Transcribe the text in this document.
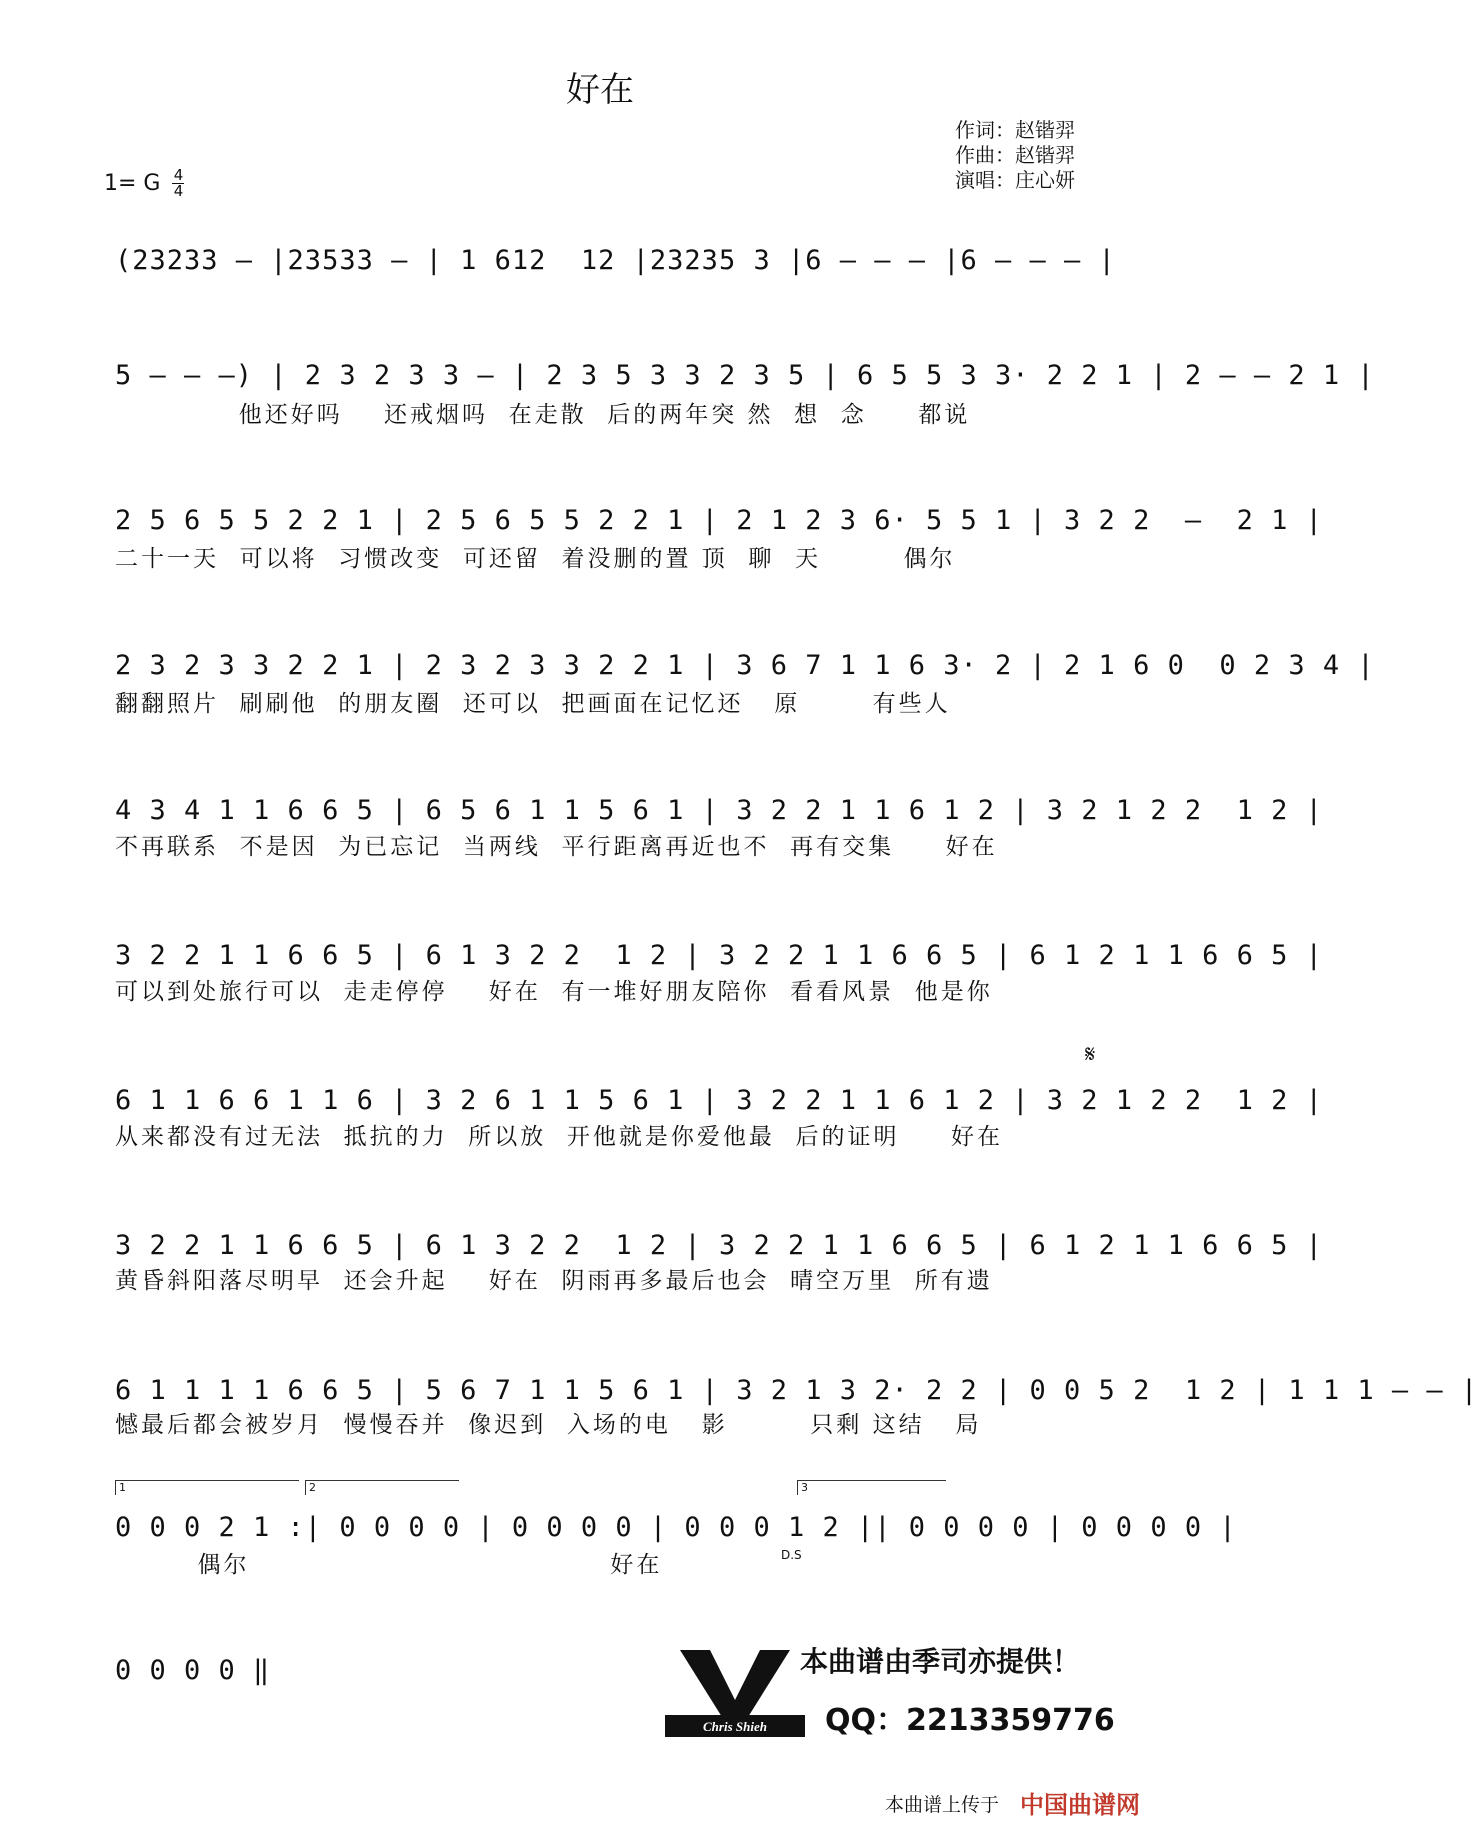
好在
作词：赵锴羿
作曲：赵锴羿
演唱：庄心妍
1= G 4
4
(23233 – |23533 – | 1 612  12 |23235 3 |6 – – – |6 – – – |
5 – – –) | 2 3 2 3 3 – | 2 3 5 3 3 2 3 5 | 6 5 5 3 3· 2 2 1 | 2 – – 2 1 |
他还好吗    还戒烟吗  在走散  后的两年突 然  想  念     都说
2 5 6 5 5 2 2 1 | 2 5 6 5 5 2 2 1 | 2 1 2 3 6· 5 5 1 | 3 2 2  –  2 1 |
二十一天  可以将  习惯改变  可还留  着没删的置 顶  聊  天        偶尔
2 3 2 3 3 2 2 1 | 2 3 2 3 3 2 2 1 | 3 6 7 1 1 6 3· 2 | 2 1 6 0  0 2 3 4 |
翻翻照片  刷刷他  的朋友圈  还可以  把画面在记忆还   原       有些人
4 3 4 1 1 6 6 5 | 6 5 6 1 1 5 6 1 | 3 2 2 1 1 6 1 2 | 3 2 1 2 2  1 2 |
不再联系  不是因  为已忘记  当两线  平行距离再近也不  再有交集     好在
3 2 2 1 1 6 6 5 | 6 1 3 2 2  1 2 | 3 2 2 1 1 6 6 5 | 6 1 2 1 1 6 6 5 |
可以到处旅行可以  走走停停    好在  有一堆好朋友陪你  看看风景  他是你
𝄋
6 1 1 6 6 1 1 6 | 3 2 6 1 1 5 6 1 | 3 2 2 1 1 6 1 2 | 3 2 1 2 2  1 2 |
从来都没有过无法  抵抗的力  所以放  开他就是你爱他最  后的证明     好在
3 2 2 1 1 6 6 5 | 6 1 3 2 2  1 2 | 3 2 2 1 1 6 6 5 | 6 1 2 1 1 6 6 5 |
黄昏斜阳落尽明早  还会升起    好在  阴雨再多最后也会  晴空万里  所有遗
6 1 1 1 1 6 6 5 | 5 6 7 1 1 5 6 1 | 3 2 1 3 2· 2 2 | 0 0 5 2  1 2 | 1 1 1 – – |
憾最后都会被岁月  慢慢吞并  像迟到  入场的电   影        只剩 这结   局
1	2	3
0 0 0 2 1 :| 0 0 0 0 | 0 0 0 0 | 0 0 0 1 2 || 0 0 0 0 | 0 0 0 0 |
偶尔                                   好在	D.S
0 0 0 0 ‖
Chris Shieh
本曲谱由季司亦提供！
QQ：2213359776
本曲谱上传于 中国曲谱网
